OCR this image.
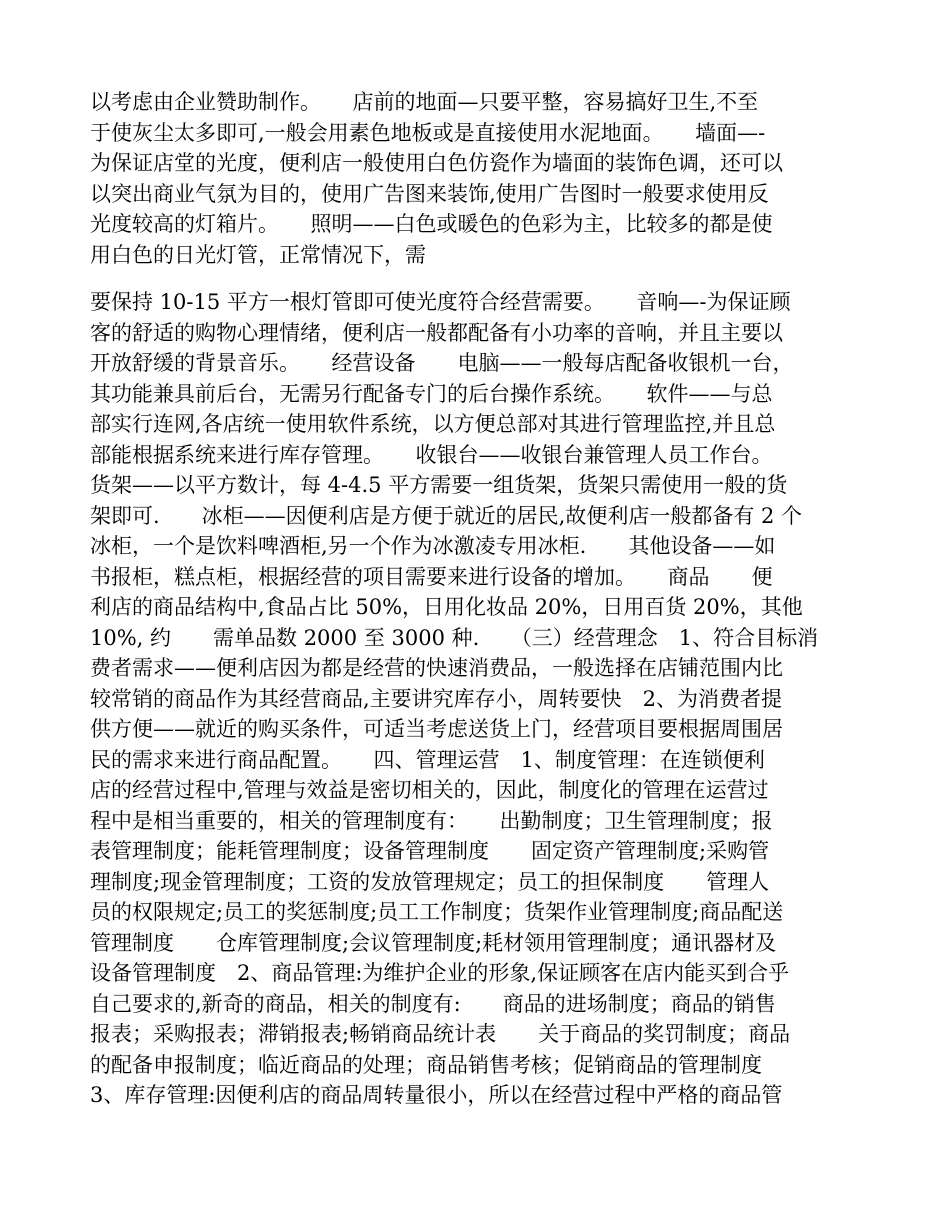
以考虑由企业赞助制作。　　店前的地面—只要平整，容易搞好卫生,不至
于使灰尘太多即可,一般会用素色地板或是直接使用水泥地面。　　墙面—-
为保证店堂的光度，便利店一般使用白色仿瓷作为墙面的装饰色调，还可以
以突出商业气氛为目的，使用广告图来装饰,使用广告图时一般要求使用反
光度较高的灯箱片。　　照明——白色或暖色的色彩为主，比较多的都是使
用白色的日光灯管，正常情况下，需
要保持 10-15 平方一根灯管即可使光度符合经营需要。　　音响—-为保证顾
客的舒适的购物心理情绪，便利店一般都配备有小功率的音响，并且主要以
开放舒缓的背景音乐。　　经营设备　　电脑——一般每店配备收银机一台，
其功能兼具前后台，无需另行配备专门的后台操作系统。　　软件——与总
部实行连网,各店统一使用软件系统，以方便总部对其进行管理监控,并且总
部能根据系统来进行库存管理。　　收银台——收银台兼管理人员工作台。
货架——以平方数计，每 4-4.5 平方需要一组货架，货架只需使用一般的货
架即可.　　冰柜——因便利店是方便于就近的居民,故便利店一般都备有 2 个
冰柜，一个是饮料啤酒柜,另一个作为冰激凌专用冰柜.　　其他设备——如
书报柜，糕点柜，根据经营的项目需要来进行设备的增加。　　商品　　便
利店的商品结构中,食品占比 50%，日用化妆品 20%，日用百货 20%，其他
10%, 约　　需单品数 2000 至 3000 种.　　（三）经营理念　1、符合目标消
费者需求——便利店因为都是经营的快速消费品，一般选择在店铺范围内比
较常销的商品作为其经营商品,主要讲究库存小，周转要快　2、为消费者提
供方便——就近的购买条件，可适当考虑送货上门，经营项目要根据周围居
民的需求来进行商品配置。　　四、管理运营　1、制度管理：在连锁便利
店的经营过程中,管理与效益是密切相关的，因此，制度化的管理在运营过
程中是相当重要的，相关的管理制度有：　　出勤制度；卫生管理制度；报
表管理制度；能耗管理制度；设备管理制度　　固定资产管理制度;采购管
理制度;现金管理制度；工资的发放管理规定；员工的担保制度　　管理人
员的权限规定;员工的奖惩制度;员工工作制度；货架作业管理制度;商品配送
管理制度　　仓库管理制度;会议管理制度;耗材领用管理制度；通讯器材及
设备管理制度　2、商品管理:为维护企业的形象,保证顾客在店内能买到合乎
自己要求的,新奇的商品，相关的制度有:　　商品的进场制度；商品的销售
报表；采购报表；滞销报表;畅销商品统计表　　关于商品的奖罚制度；商品
的配备申报制度；临近商品的处理；商品销售考核；促销商品的管理制度
3、库存管理:因便利店的商品周转量很小，所以在经营过程中严格的商品管
